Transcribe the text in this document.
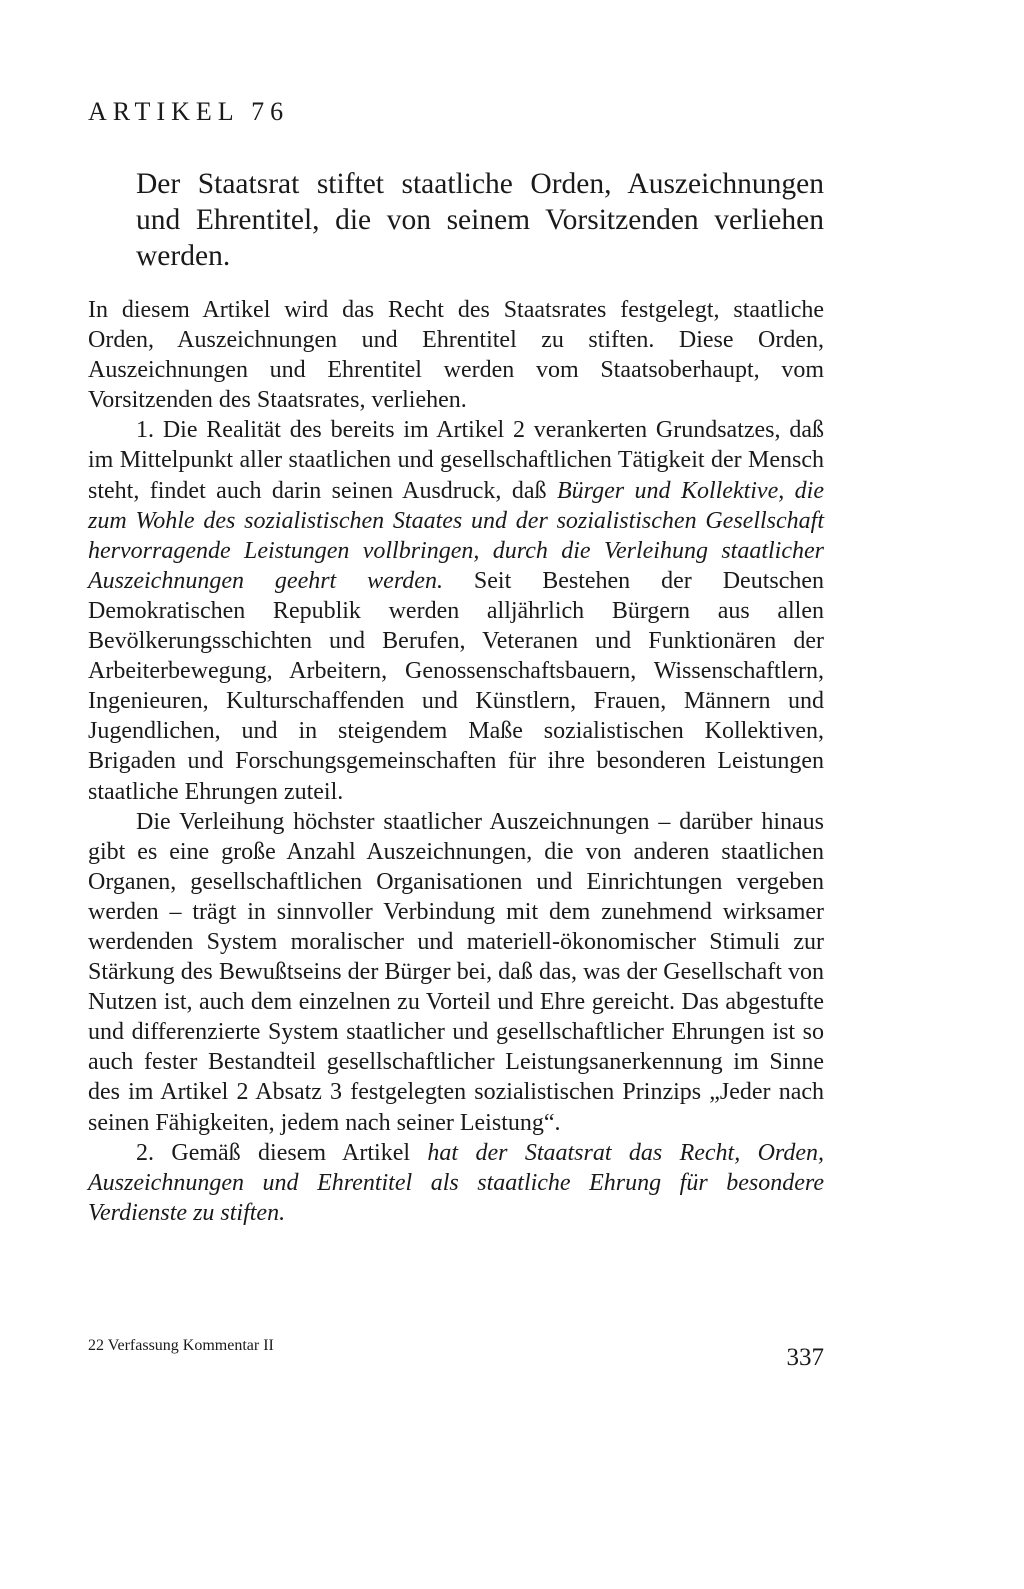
ARTIKEL 76

Der Staatsrat stiftet staatliche Orden, Auszeichnungen und Ehrentitel, die von seinem Vorsitzenden verliehen werden.

In diesem Artikel wird das Recht des Staatsrates festgelegt, staatliche Orden, Auszeichnungen und Ehrentitel zu stiften. Diese Orden, Auszeichnungen und Ehrentitel werden vom Staatsoberhaupt, vom Vorsitzenden des Staatsrates, verliehen.

1. Die Realität des bereits im Artikel 2 verankerten Grundsatzes, daß im Mittelpunkt aller staatlichen und gesellschaftlichen Tätigkeit der Mensch steht, findet auch darin seinen Ausdruck, daß Bürger und Kollektive, die zum Wohle des sozialistischen Staates und der sozialistischen Gesellschaft hervorragende Leistungen vollbringen, durch die Verleihung staatlicher Auszeichnungen geehrt werden. Seit Bestehen der Deutschen Demokratischen Republik werden alljährlich Bürgern aus allen Bevölkerungsschichten und Berufen, Veteranen und Funktionären der Arbeiterbewegung, Arbeitern, Genossenschaftsbauern, Wissenschaftlern, Ingenieuren, Kulturschaffenden und Künstlern, Frauen, Männern und Jugendlichen, und in steigendem Maße sozialistischen Kollektiven, Brigaden und Forschungsgemeinschaften für ihre besonderen Leistungen staatliche Ehrungen zuteil.

Die Verleihung höchster staatlicher Auszeichnungen – darüber hinaus gibt es eine große Anzahl Auszeichnungen, die von anderen staatlichen Organen, gesellschaftlichen Organisationen und Einrichtungen vergeben werden – trägt in sinnvoller Verbindung mit dem zunehmend wirksamer werdenden System moralischer und materiell-ökonomischer Stimuli zur Stärkung des Bewußtseins der Bürger bei, daß das, was der Gesellschaft von Nutzen ist, auch dem einzelnen zu Vorteil und Ehre gereicht. Das abgestufte und differenzierte System staatlicher und gesellschaftlicher Ehrungen ist so auch fester Bestandteil gesellschaftlicher Leistungsanerkennung im Sinne des im Artikel 2 Absatz 3 festgelegten sozialistischen Prinzips „Jeder nach seinen Fähigkeiten, jedem nach seiner Leistung“.

2. Gemäß diesem Artikel hat der Staatsrat das Recht, Orden, Auszeichnungen und Ehrentitel als staatliche Ehrung für besondere Verdienste zu stiften.

22 Verfassung Kommentar II	337
